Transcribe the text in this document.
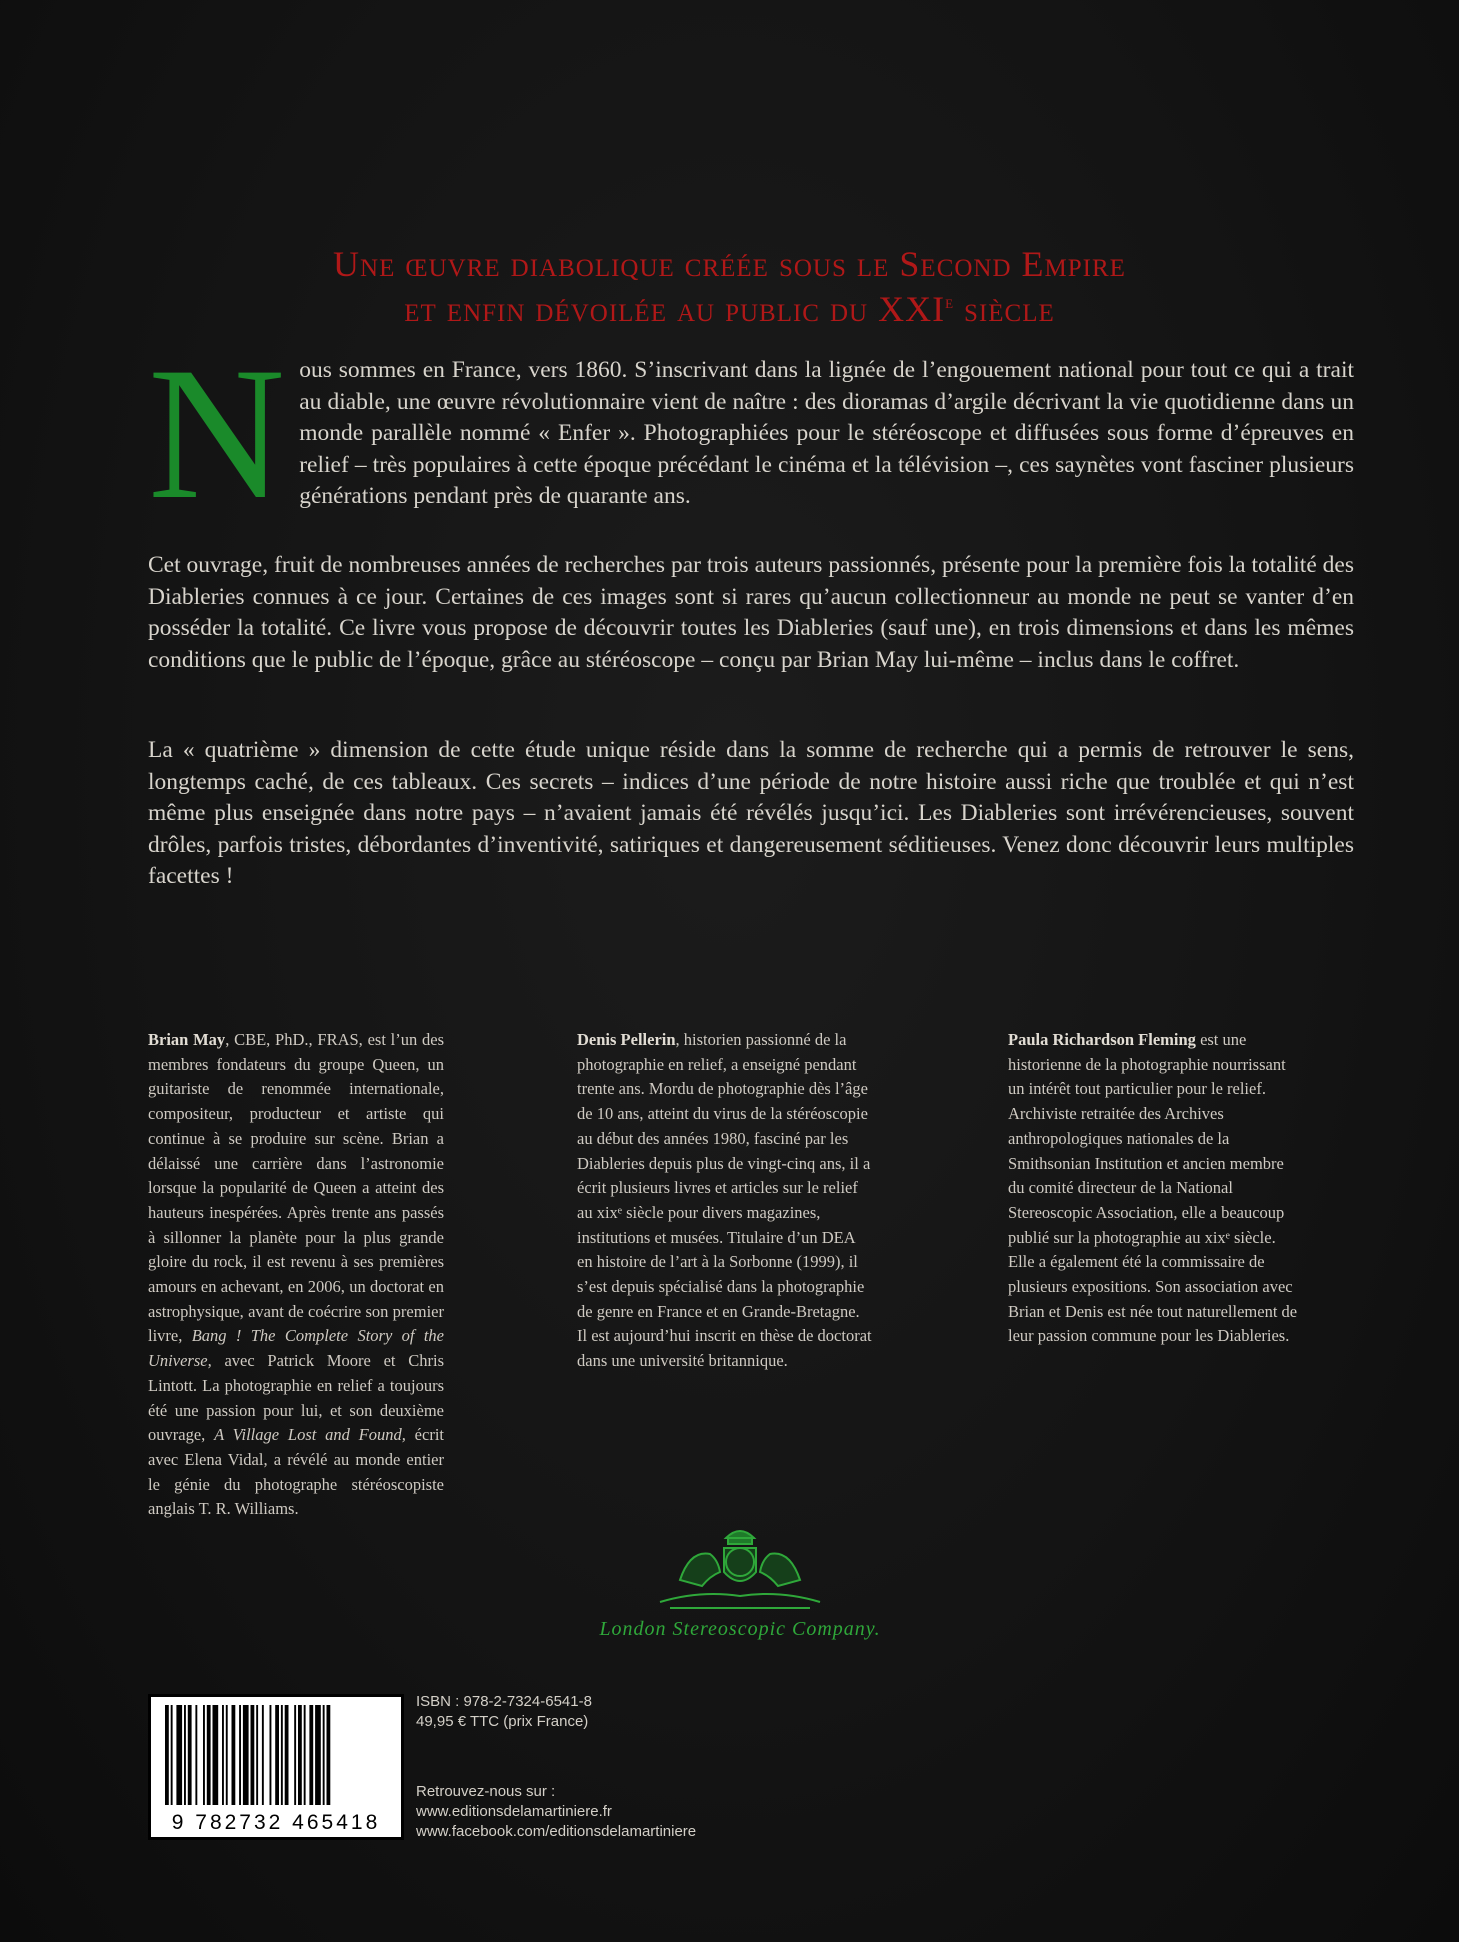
Une œuvre diabolique créée sous le Second Empire
et enfin dévoilée au public du XXIe siècle
Nous sommes en France, vers 1860. S’inscrivant dans la lignée de l’engouement national pour tout ce qui a trait au diable, une œuvre révolutionnaire vient de naître : des dioramas d’argile décrivant la vie quotidienne dans un monde parallèle nommé « Enfer ». Photographiées pour le stéréoscope et diffusées sous forme d’épreuves en relief – très populaires à cette époque précédant le cinéma et la télévision –, ces saynètes vont fasciner plusieurs générations pendant près de quarante ans.
Cet ouvrage, fruit de nombreuses années de recherches par trois auteurs passionnés, présente pour la première fois la totalité des Diableries connues à ce jour. Certaines de ces images sont si rares qu’aucun collectionneur au monde ne peut se vanter d’en posséder la totalité. Ce livre vous propose de découvrir toutes les Diableries (sauf une), en trois dimensions et dans les mêmes conditions que le public de l’époque, grâce au stéréoscope – conçu par Brian May lui-même – inclus dans le coffret.
La « quatrième » dimension de cette étude unique réside dans la somme de recherche qui a permis de retrouver le sens, longtemps caché, de ces tableaux. Ces secrets – indices d’une période de notre histoire aussi riche que troublée et qui n’est même plus enseignée dans notre pays – n’avaient jamais été révélés jusqu’ici. Les Diableries sont irrévérencieuses, souvent drôles, parfois tristes, débordantes d’inventivité, satiriques et dangereusement séditieuses. Venez donc découvrir leurs multiples facettes !
Brian May, CBE, PhD., FRAS, est l’un des membres fondateurs du groupe Queen, un guitariste de renommée internationale, compositeur, producteur et artiste qui continue à se produire sur scène. Brian a délaissé une carrière dans l’astronomie lorsque la popularité de Queen a atteint des hauteurs inespérées. Après trente ans passés à sillonner la planète pour la plus grande gloire du rock, il est revenu à ses premières amours en achevant, en 2006, un doctorat en astrophysique, avant de coécrire son premier livre, Bang ! The Complete Story of the Universe, avec Patrick Moore et Chris Lintott. La photographie en relief a toujours été une passion pour lui, et son deuxième ouvrage, A Village Lost and Found, écrit avec Elena Vidal, a révélé au monde entier le génie du photographe stéréoscopiste anglais T. R. Williams.
Denis Pellerin, historien passionné de la photographie en relief, a enseigné pendant trente ans. Mordu de photographie dès l’âge de 10 ans, atteint du virus de la stéréoscopie au début des années 1980, fasciné par les Diableries depuis plus de vingt-cinq ans, il a écrit plusieurs livres et articles sur le relief au xixᵉ siècle pour divers magazines, institutions et musées. Titulaire d’un DEA en histoire de l’art à la Sorbonne (1999), il s’est depuis spécialisé dans la photographie de genre en France et en Grande-Bretagne. Il est aujourd’hui inscrit en thèse de doctorat dans une université britannique.
Paula Richardson Fleming est une historienne de la photographie nourrissant un intérêt tout particulier pour le relief. Archiviste retraitée des Archives anthropologiques nationales de la Smithsonian Institution et ancien membre du comité directeur de la National Stereoscopic Association, elle a beaucoup publié sur la photographie au xixᵉ siècle. Elle a également été la commissaire de plusieurs expositions. Son association avec Brian et Denis est née tout naturellement de leur passion commune pour les Diableries.
London Stereoscopic Company.
9 782732 465418
ISBN : 978-2-7324-6541-8
49,95 € TTC (prix France)
Retrouvez-nous sur :
www.editionsdelamartiniere.fr
www.facebook.com/editionsdelamartiniere
